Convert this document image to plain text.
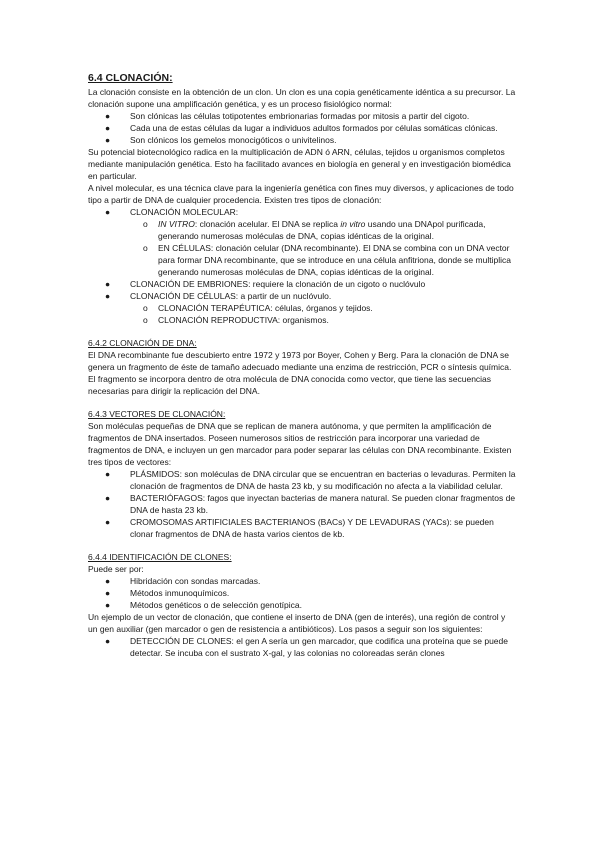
6.4 CLONACIÓN:

La clonación consiste en la obtención de un clon. Un clon es una copia genéticamente idéntica a su precursor. La clonación supone una amplificación genética, y es un proceso fisiológico normal:

● Son clónicas las células totipotentes embrionarias formadas por mitosis a partir del cigoto.
● Cada una de estas células da lugar a individuos adultos formados por células somáticas clónicas.
● Son clónicos los gemelos monocigóticos o univitelinos.

Su potencial biotecnológico radica en la multiplicación de ADN ó ARN, células, tejidos u organismos completos mediante manipulación genética. Esto ha facilitado avances en biología en general y en investigación biomédica en particular.

A nivel molecular, es una técnica clave para la ingeniería genética con fines muy diversos, y aplicaciones de todo tipo a partir de DNA de cualquier procedencia. Existen tres tipos de clonación:

● CLONACIÓN MOLECULAR:
o IN VITRO: clonación acelular. El DNA se replica in vitro usando una DNApol purificada, generando numerosas moléculas de DNA, copias idénticas de la original.
o EN CÉLULAS: clonación celular (DNA recombinante). El DNA se combina con un DNA vector para formar DNA recombinante, que se introduce en una célula anfitriona, donde se multiplica generando numerosas moléculas de DNA, copias idénticas de la original.
● CLONACIÓN DE EMBRIONES: requiere la clonación de un cigoto o nuclóvulo
● CLONACIÓN DE CÉLULAS: a partir de un nuclóvulo.
o CLONACIÓN TERAPÉUTICA: células, órganos y tejidos.
o CLONACIÓN REPRODUCTIVA: organismos.
6.4.2 CLONACIÓN DE DNA:

El DNA recombinante fue descubierto entre 1972 y 1973 por Boyer, Cohen y Berg. Para la clonación de DNA se genera un fragmento de éste de tamaño adecuado mediante una enzima de restricción, PCR o síntesis química. El fragmento se incorpora dentro de otra molécula de DNA conocida como vector, que tiene las secuencias necesarias para dirigir la replicación del DNA.

6.4.3 VECTORES DE CLONACIÓN:

Son moléculas pequeñas de DNA que se replican de manera autónoma, y que permiten la amplificación de fragmentos de DNA insertados. Poseen numerosos sitios de restricción para incorporar una variedad de fragmentos de DNA, e incluyen un gen marcador para poder separar las células con DNA recombinante. Existen tres tipos de vectores:

● PLÁSMIDOS: son moléculas de DNA circular que se encuentran en bacterias o levaduras. Permiten la clonación de fragmentos de DNA de hasta 23 kb, y su modificación no afecta a la viabilidad celular.
● BACTERIÓFAGOS: fagos que inyectan bacterias de manera natural. Se pueden clonar fragmentos de DNA de hasta 23 kb.
● CROMOSOMAS ARTIFICIALES BACTERIANOS (BACs) Y DE LEVADURAS (YACs): se pueden clonar fragmentos de DNA de hasta varios cientos de kb.
6.4.4 IDENTIFICACIÓN DE CLONES:

Puede ser por:

● Hibridación con sondas marcadas.
● Métodos inmunoquímicos.
● Métodos genéticos o de selección genotípica.

Un ejemplo de un vector de clonación, que contiene el inserto de DNA (gen de interés), una región de control y un gen auxiliar (gen marcador o gen de resistencia a antibióticos). Los pasos a seguir son los siguientes:

● DETECCIÓN DE CLONES: el gen A sería un gen marcador, que codifica una proteína que se puede detectar. Se incuba con el sustrato X-gal, y las colonias no coloreadas serán clones
